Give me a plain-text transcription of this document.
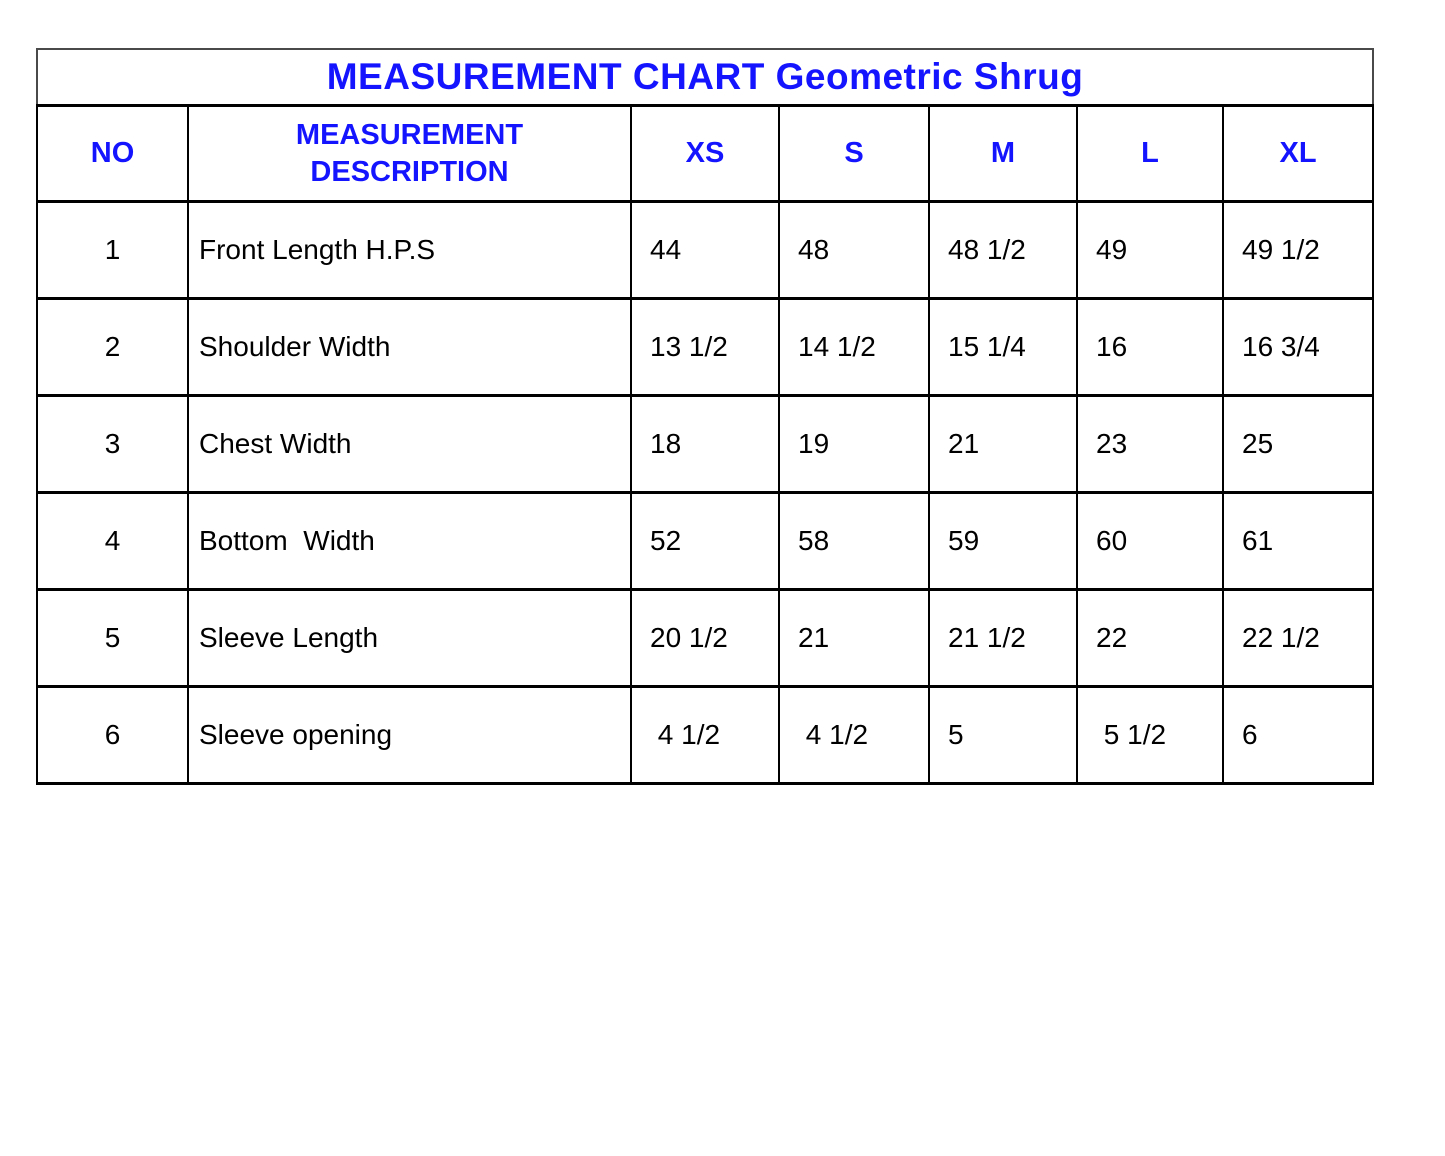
MEASUREMENT CHART Geometric Shrug						
NO	MEASUREMENT DESCRIPTION	XS	S	M	L	XL
1	Front Length H.P.S	44	48	48 1/2	49	49 1/2
2	Shoulder Width	13 1/2	14 1/2	15 1/4	16	16 3/4
3	Chest Width	18	19	21	23	25
4	Bottom  Width	52	58	59	60	61
5	Sleeve Length	20 1/2	21	21 1/2	22	22 1/2
6	Sleeve opening	4 1/2	4 1/2	5	5 1/2	6
